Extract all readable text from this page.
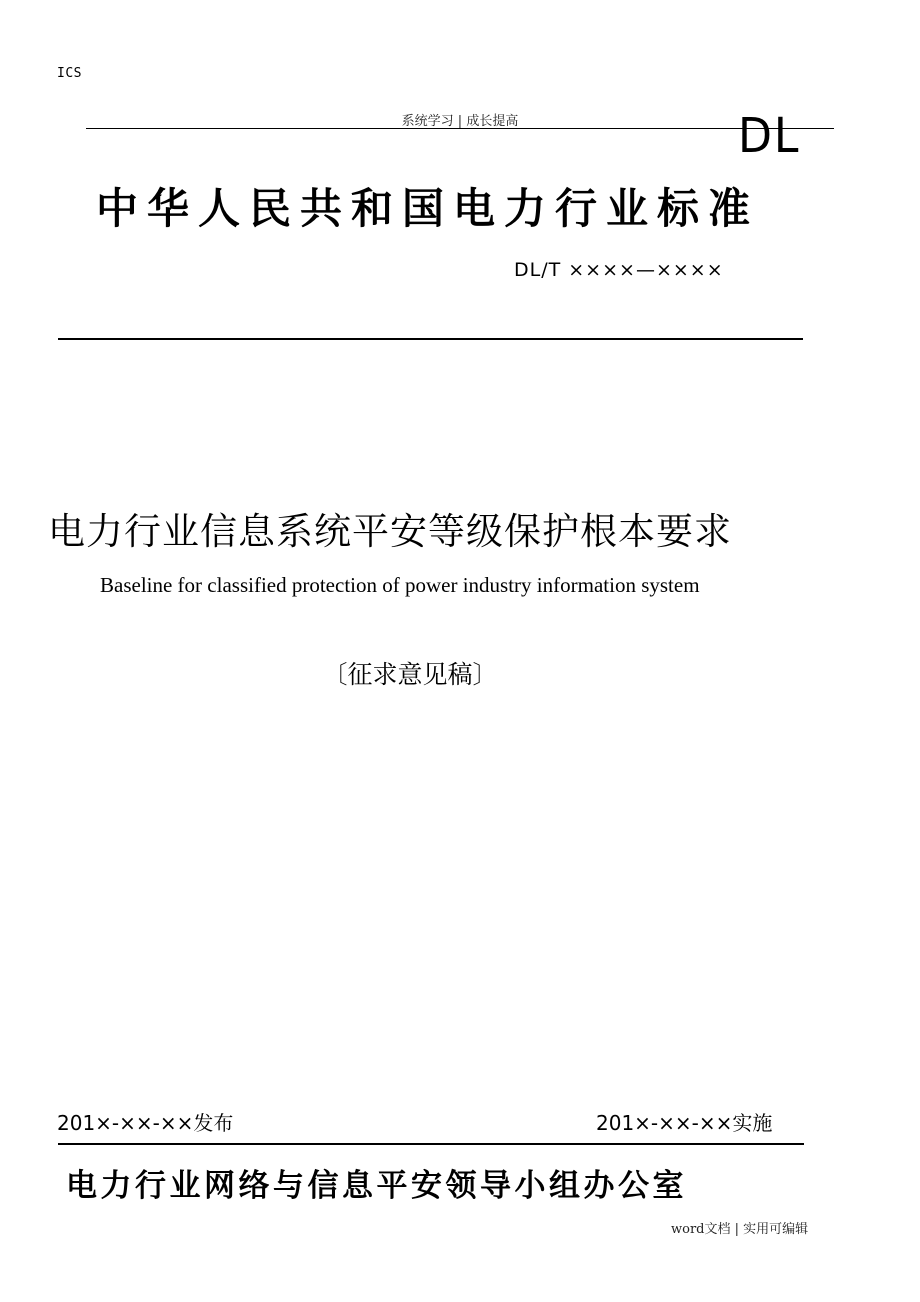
ICS
系统学习 | 成长提高	DL
中华人民共和国电力行业标准
DL/T ××××—××××
电力行业信息系统平安等级保护根本要求
Baseline for classified protection of power industry information system
〔征求意见稿〕
201×-××-××发布	201×-××-××实施
电力行业网络与信息平安领导小组办公室
word文档 | 实用可编辑
